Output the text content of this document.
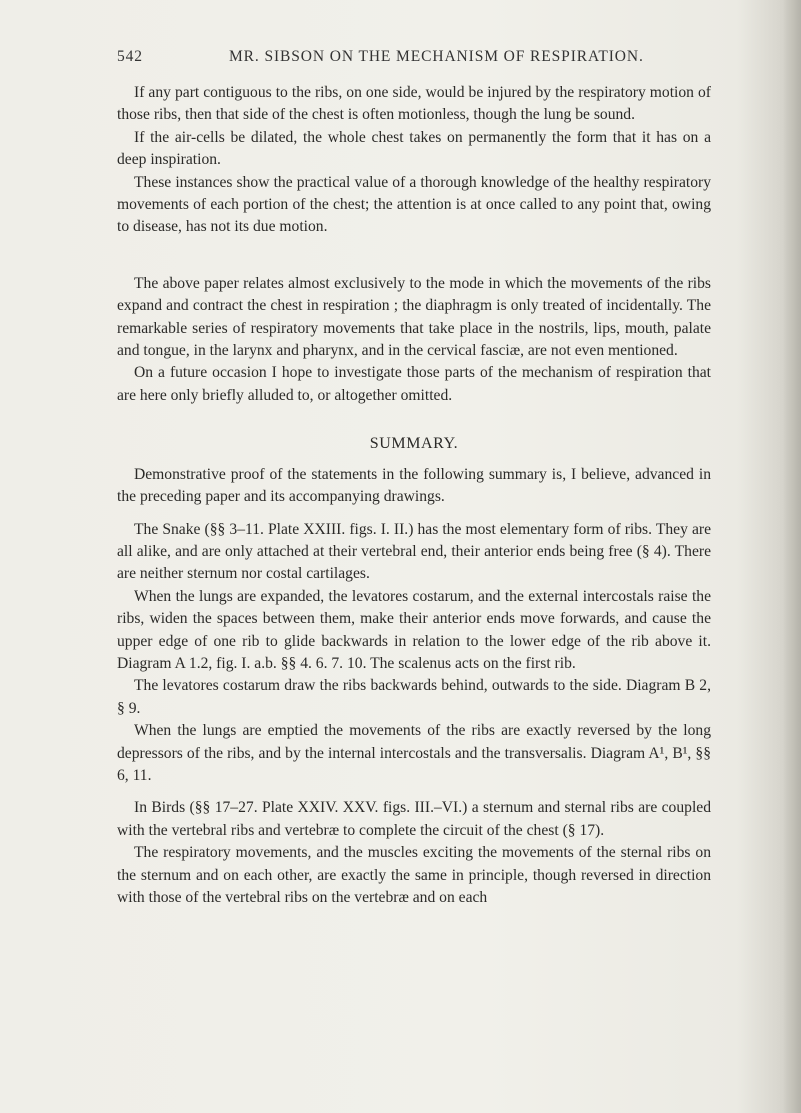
542	MR. SIBSON ON THE MECHANISM OF RESPIRATION.

If any part contiguous to the ribs, on one side, would be injured by the respiratory motion of those ribs, then that side of the chest is often motionless, though the lung be sound.

If the air-cells be dilated, the whole chest takes on permanently the form that it has on a deep inspiration.

These instances show the practical value of a thorough knowledge of the healthy respiratory movements of each portion of the chest; the attention is at once called to any point that, owing to disease, has not its due motion.

The above paper relates almost exclusively to the mode in which the movements of the ribs expand and contract the chest in respiration ; the diaphragm is only treated of incidentally. The remarkable series of respiratory movements that take place in the nostrils, lips, mouth, palate and tongue, in the larynx and pharynx, and in the cervical fasciæ, are not even mentioned.

On a future occasion I hope to investigate those parts of the mechanism of respiration that are here only briefly alluded to, or altogether omitted.

SUMMARY.

Demonstrative proof of the statements in the following summary is, I believe, advanced in the preceding paper and its accompanying drawings.

The Snake (§§ 3–11. Plate XXIII. figs. I. II.) has the most elementary form of ribs. They are all alike, and are only attached at their vertebral end, their anterior ends being free (§ 4). There are neither sternum nor costal cartilages.

When the lungs are expanded, the levatores costarum, and the external intercostals raise the ribs, widen the spaces between them, make their anterior ends move forwards, and cause the upper edge of one rib to glide backwards in relation to the lower edge of the rib above it. Diagram A 1.2, fig. I. a.b. §§ 4. 6. 7. 10. The scalenus acts on the first rib.

The levatores costarum draw the ribs backwards behind, outwards to the side. Diagram B 2, § 9.

When the lungs are emptied the movements of the ribs are exactly reversed by the long depressors of the ribs, and by the internal intercostals and the transversalis. Diagram A¹, B¹, §§ 6, 11.

In Birds (§§ 17–27. Plate XXIV. XXV. figs. III.–VI.) a sternum and sternal ribs are coupled with the vertebral ribs and vertebræ to complete the circuit of the chest (§ 17).

The respiratory movements, and the muscles exciting the movements of the sternal ribs on the sternum and on each other, are exactly the same in principle, though reversed in direction with those of the vertebral ribs on the vertebræ and on each
